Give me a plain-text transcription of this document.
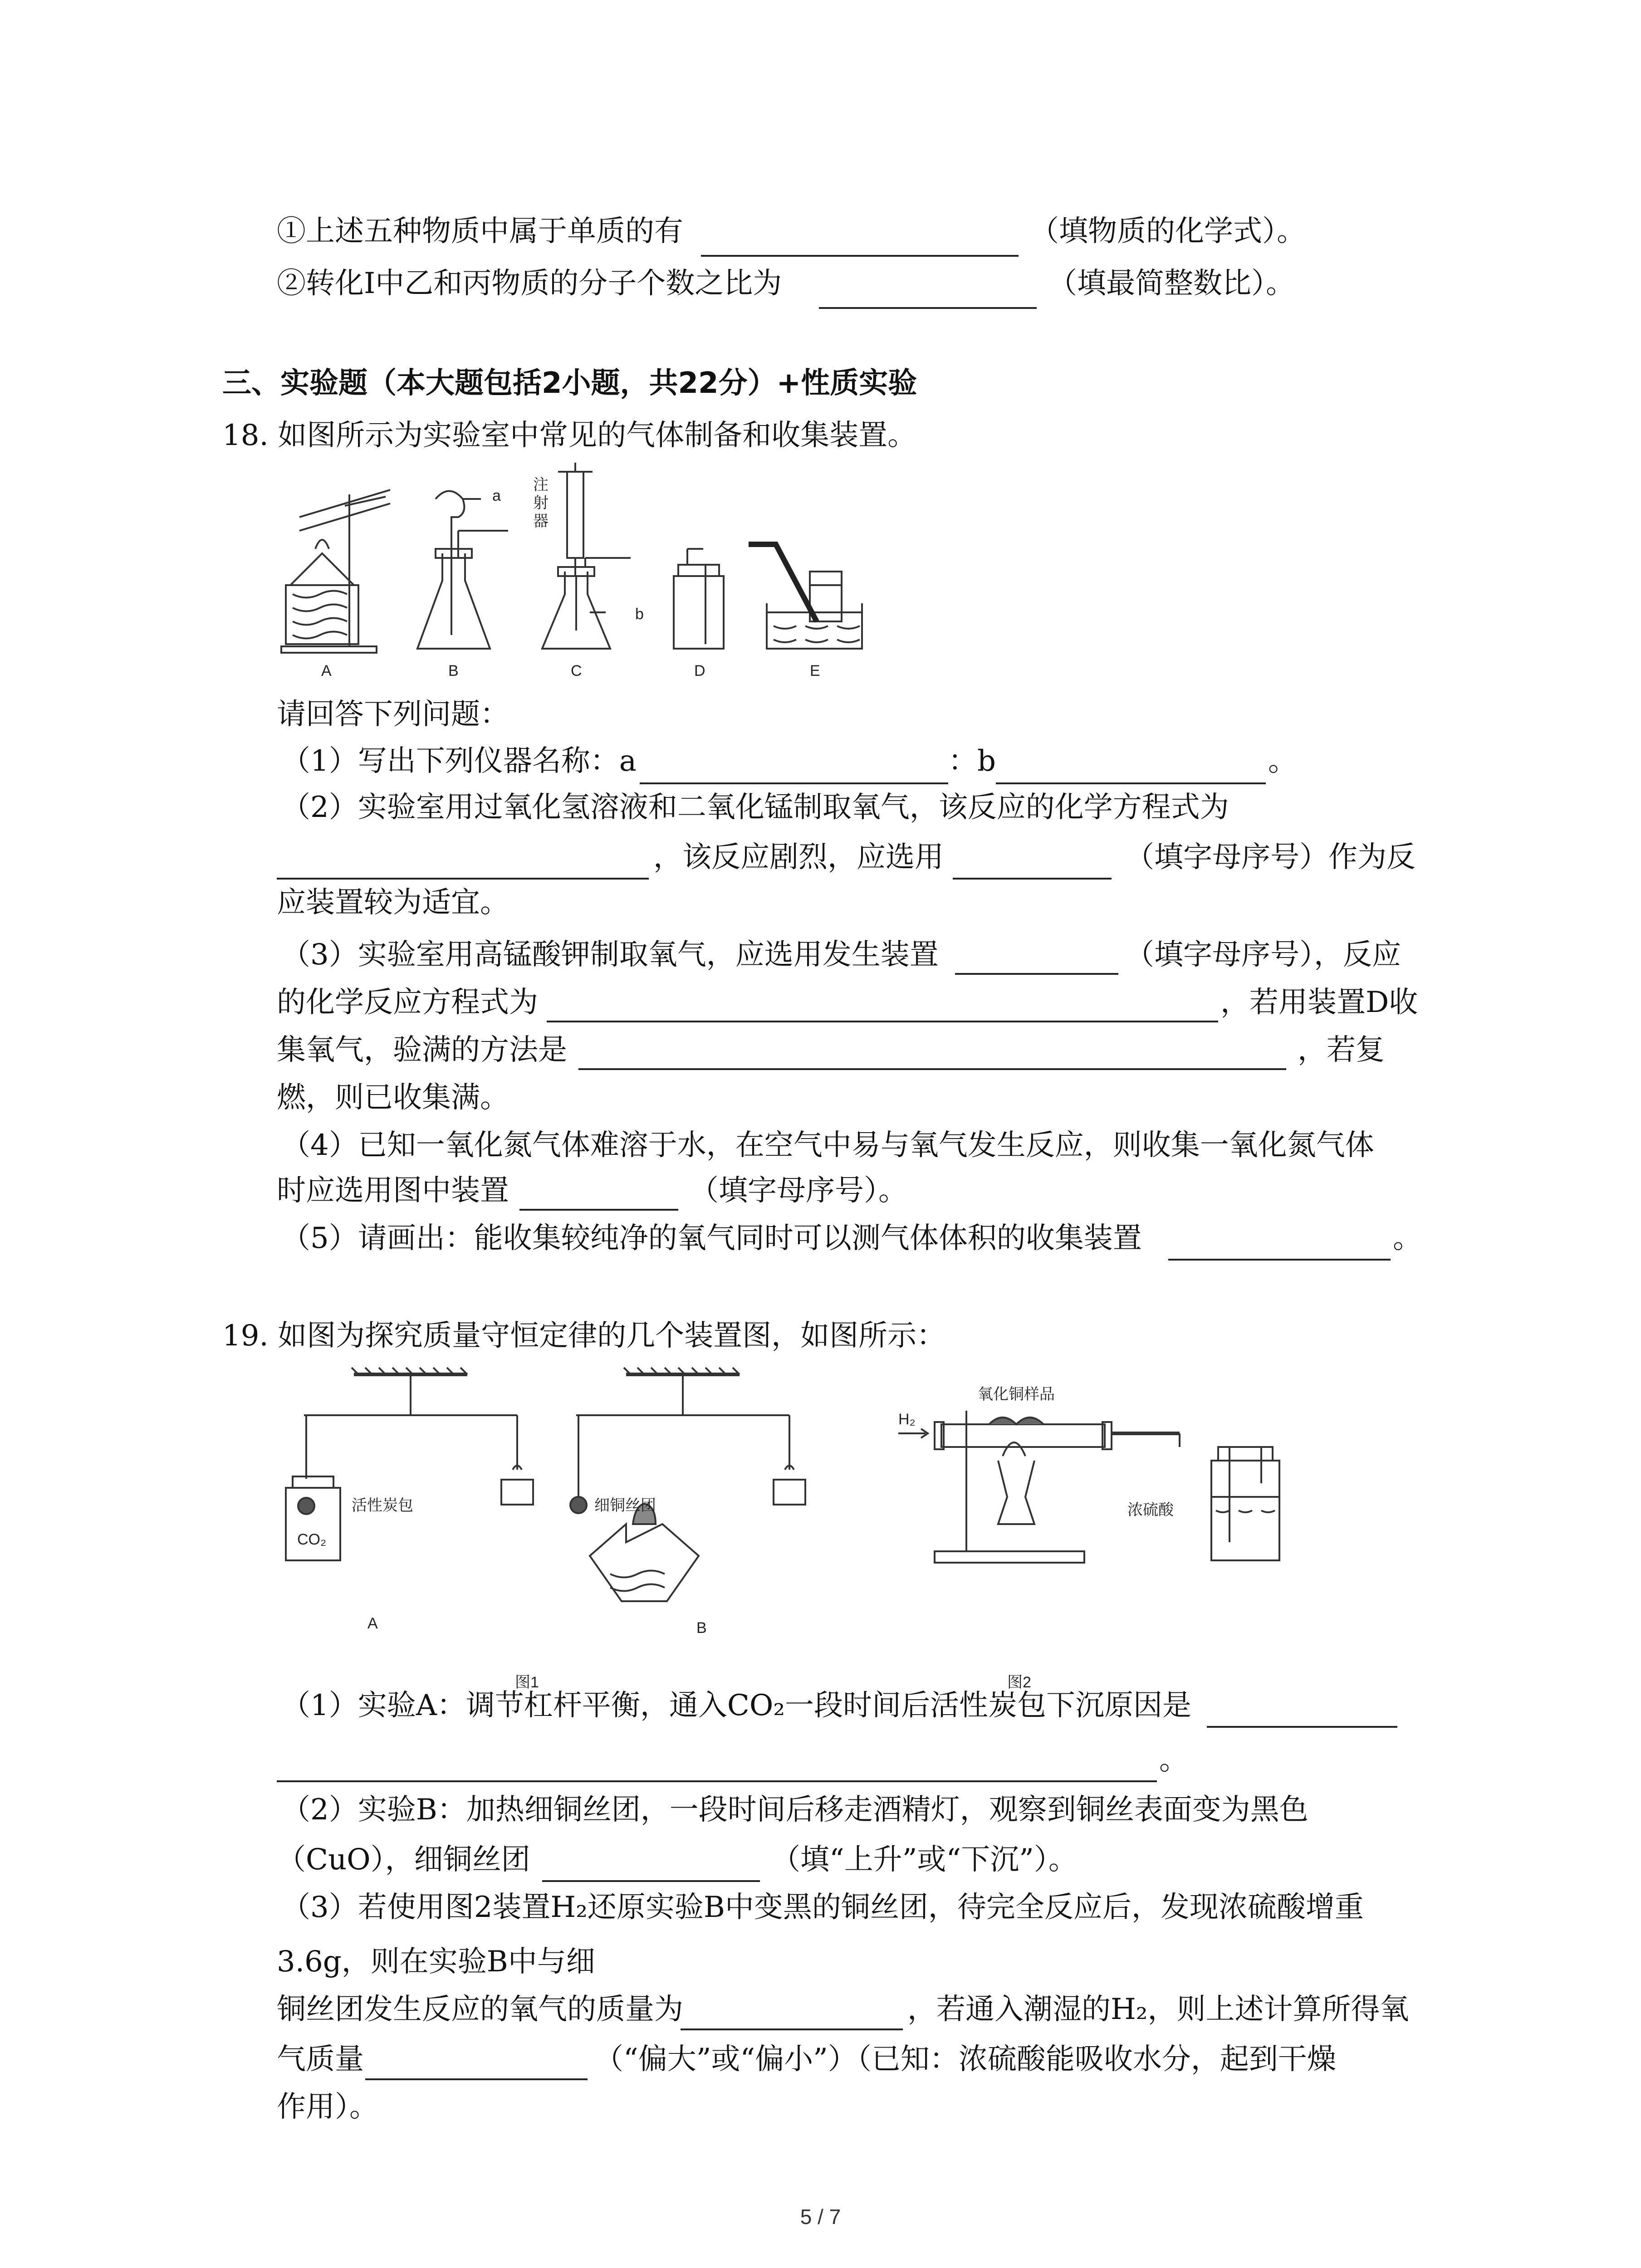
①上述五种物质中属于单质的有	（填物质的化学式）。
②转化Ⅰ中乙和丙物质的分子个数之比为	（填最简整数比）。
三、实验题（本大题包括2小题，共22分）+性质实验
18. 如图所示为实验室中常见的气体制备和收集装置。
a
b
注
射
器
A	B	C	D	E
请回答下列问题：
（1）写出下列仪器名称：a	：b	。
（2）实验室用过氧化氢溶液和二氧化锰制取氧气，该反应的化学方程式为
，该反应剧烈，应选用	（填字母序号）作为反
应装置较为适宜。
（3）实验室用高锰酸钾制取氧气，应选用发生装置	（填字母序号），反应
的化学反应方程式为	，若用装置D收
集氧气，验满的方法是	，若复
燃，则已收集满。
（4）已知一氧化氮气体难溶于水，在空气中易与氧气发生反应，则收集一氧化氮气体
时应选用图中装置	（填字母序号）。
（5）请画出：能收集较纯净的氧气同时可以测气体体积的收集装置	。
19. 如图为探究质量守恒定律的几个装置图，如图所示：
活性炭包
CO₂
细铜丝团
A	B
图1	图2
H₂
氧化铜样品
浓硫酸
（1）实验A：调节杠杆平衡，通入CO₂一段时间后活性炭包下沉原因是
。
（2）实验B：加热细铜丝团，一段时间后移走酒精灯，观察到铜丝表面变为黑色
（CuO），细铜丝团	（填“上升”或“下沉”）。
（3）若使用图2装置H₂还原实验B中变黑的铜丝团，待完全反应后，发现浓硫酸增重
3.6g，则在实验B中与细
铜丝团发生反应的氧气的质量为	，若通入潮湿的H₂，则上述计算所得氧
气质量	（“偏大”或“偏小”）（已知：浓硫酸能吸收水分，起到干燥
作用）。
5 / 7
